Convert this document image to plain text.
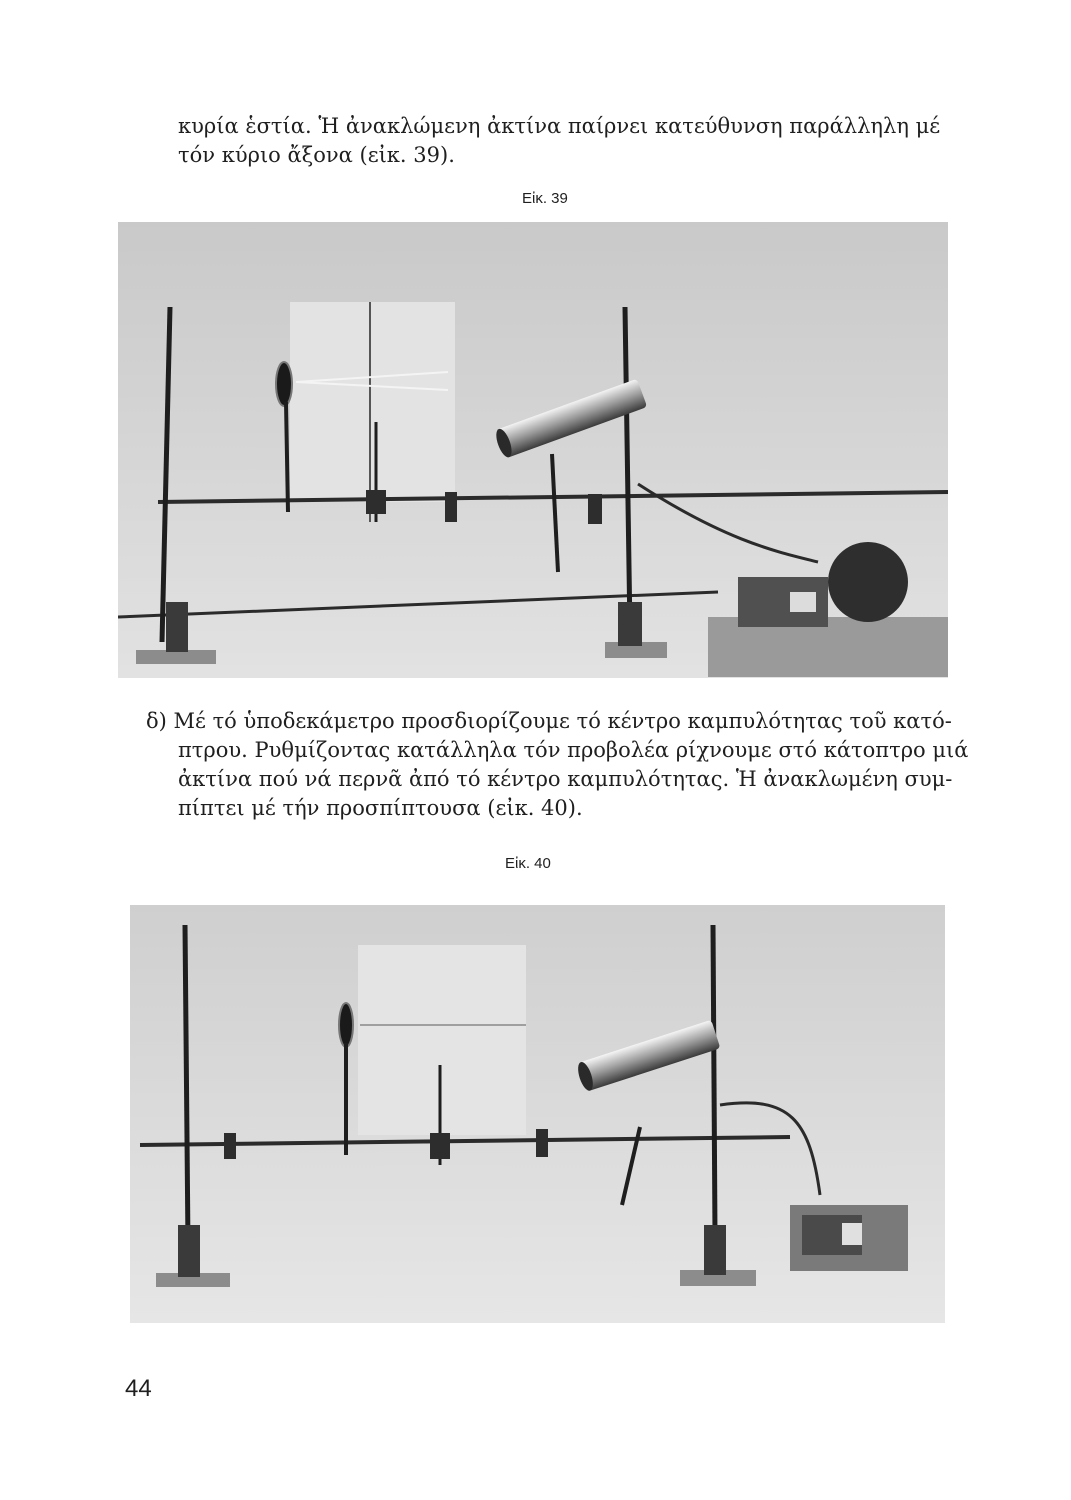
κυρία ἑστία. Ἡ ἀνακλώμενη ἀκτίνα παίρνει κατεύθυνση παράλληλη μέ
τόν κύριο ἄξονα (εἰκ. 39).

Εἰκ. 39

δ) Μέ τό ὑποδεκάμετρο προσδιορίζουμε τό κέντρο καμπυλότητας τοῦ κατό-
πτρου. Ρυθμίζοντας κατάλληλα τόν προβολέα ρίχνουμε στό κάτοπτρο μιά
ἀκτίνα πού νά περνᾶ ἀπό τό κέντρο καμπυλότητας. Ἡ ἀνακλωμένη συμ-
πίπτει μέ τήν προσπίπτουσα (εἰκ. 40).

Εἰκ. 40
44
